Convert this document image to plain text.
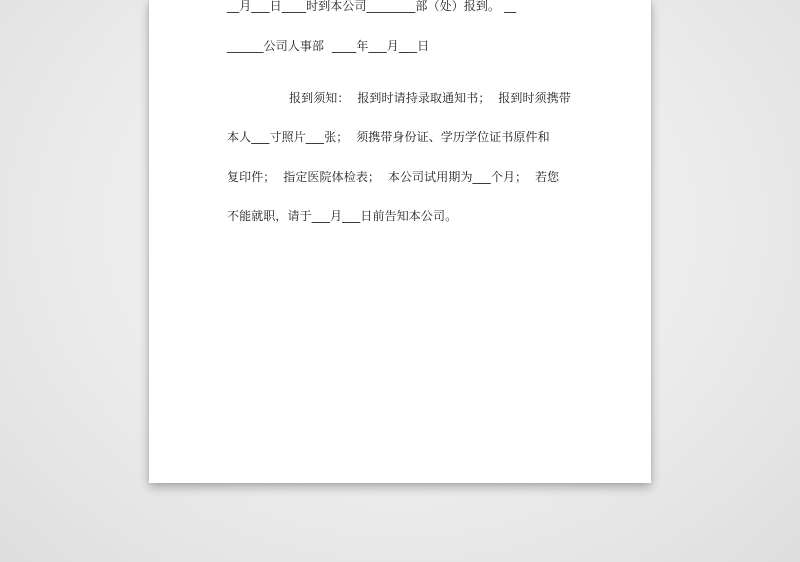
__月___日____时到本公司________部（处）报到。 __
______公司人事部  ____年___月___日
报到须知：  报到时请持录取通知书；  报到时须携带
本人___寸照片___张；  须携带身份证、学历学位证书原件和
复印件；  指定医院体检表；  本公司试用期为___个月；  若您
不能就职，请于___月___日前告知本公司。
